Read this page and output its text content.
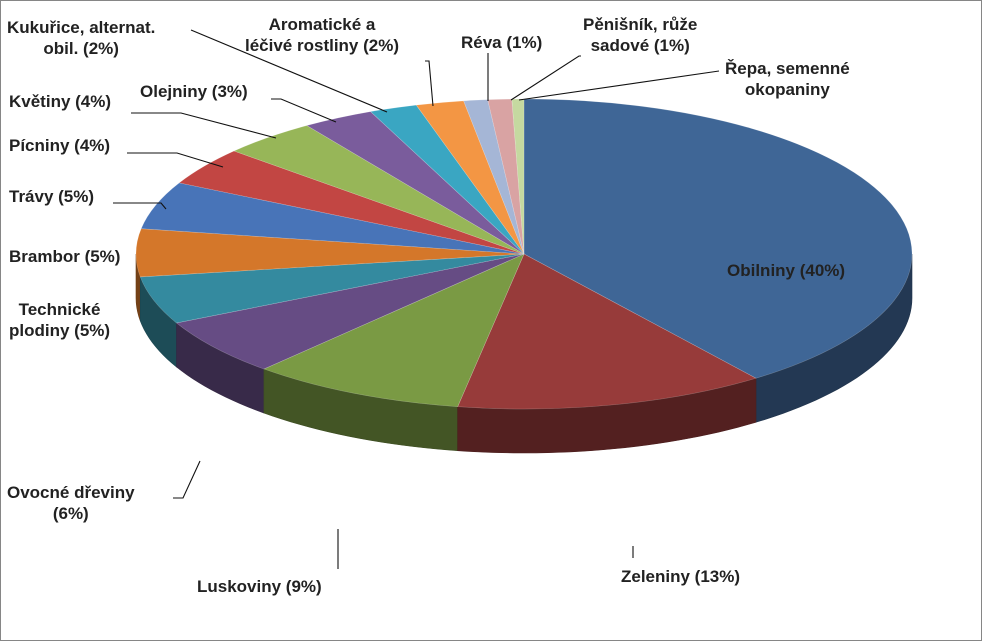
Obilniny (40%)
Zeleniny (13%)
Luskoviny (9%)
Ovocné dřeviny
(6%)
Technické
plodiny (5%)
Brambor (5%)
Trávy (5%)
Pícniny (4%)
Květiny (4%)
Olejniny (3%)
Kukuřice, alternat.
obil. (2%)
Aromatické a
léčivé rostliny (2%)	Réva (1%)
Pěnišník, růže
sadové (1%)
Řepa, semenné
okopaniny
